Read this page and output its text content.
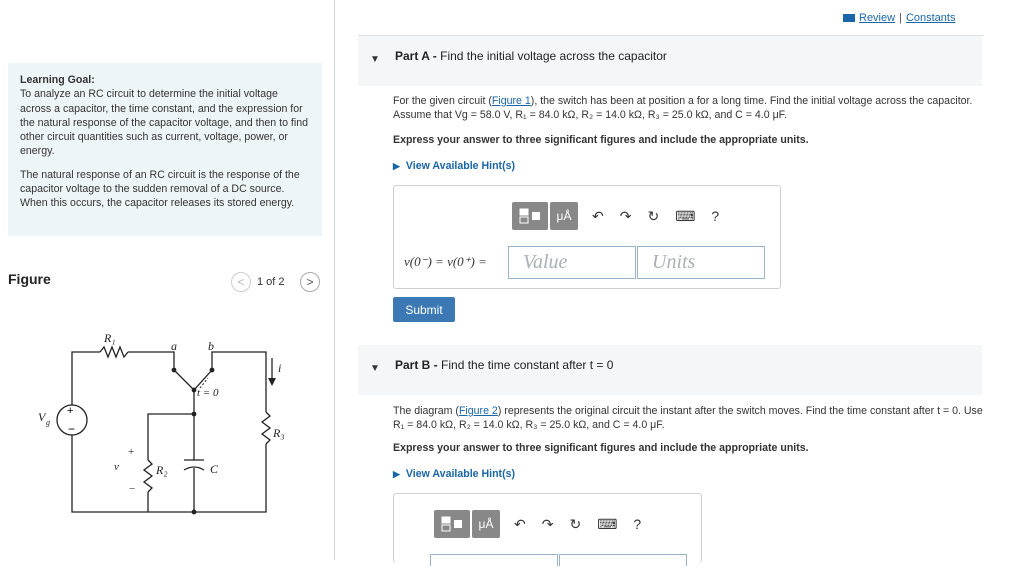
Learning Goal:

To analyze an RC circuit to determine the initial voltage across a capacitor, the time constant, and the expression for the natural response of the capacitor voltage, and then to find other circuit quantities such as current, voltage, power, or energy.

The natural response of an RC circuit is the response of the capacitor voltage to the sudden removal of a DC source. When this occurs, the capacitor releases its stored energy.

Figure	<	1 of 2	>
+
−
V g
R₁
a	b
t = 0
i
R₃
R₂	C
v
+
−
Review | Constants
▼ Part A - Find the initial voltage across the capacitor
For the given circuit (Figure 1), the switch has been at position a for a long time. Find the initial voltage across the capacitor. Assume that Vg = 58.0 V, R₁ = 84.0 kΩ, R₂ = 14.0 kΩ, R₃ = 25.0 kΩ, and C = 4.0 μF.
Express your answer to three significant figures and include the appropriate units.
▶ View Available Hint(s)
μÅ	↶ ↷ ↻ ⌨ ?
v(0⁻) = v(0⁺) =	Value	Units
Submit
▼ Part B - Find the time constant after t = 0
The diagram (Figure 2) represents the original circuit the instant after the switch moves. Find the time constant after t = 0. Use R₁ = 84.0 kΩ, R₂ = 14.0 kΩ, R₃ = 25.0 kΩ, and C = 4.0 μF.
Express your answer to three significant figures and include the appropriate units.
▶ View Available Hint(s)
μÅ	↶ ↷ ↻ ⌨ ?
